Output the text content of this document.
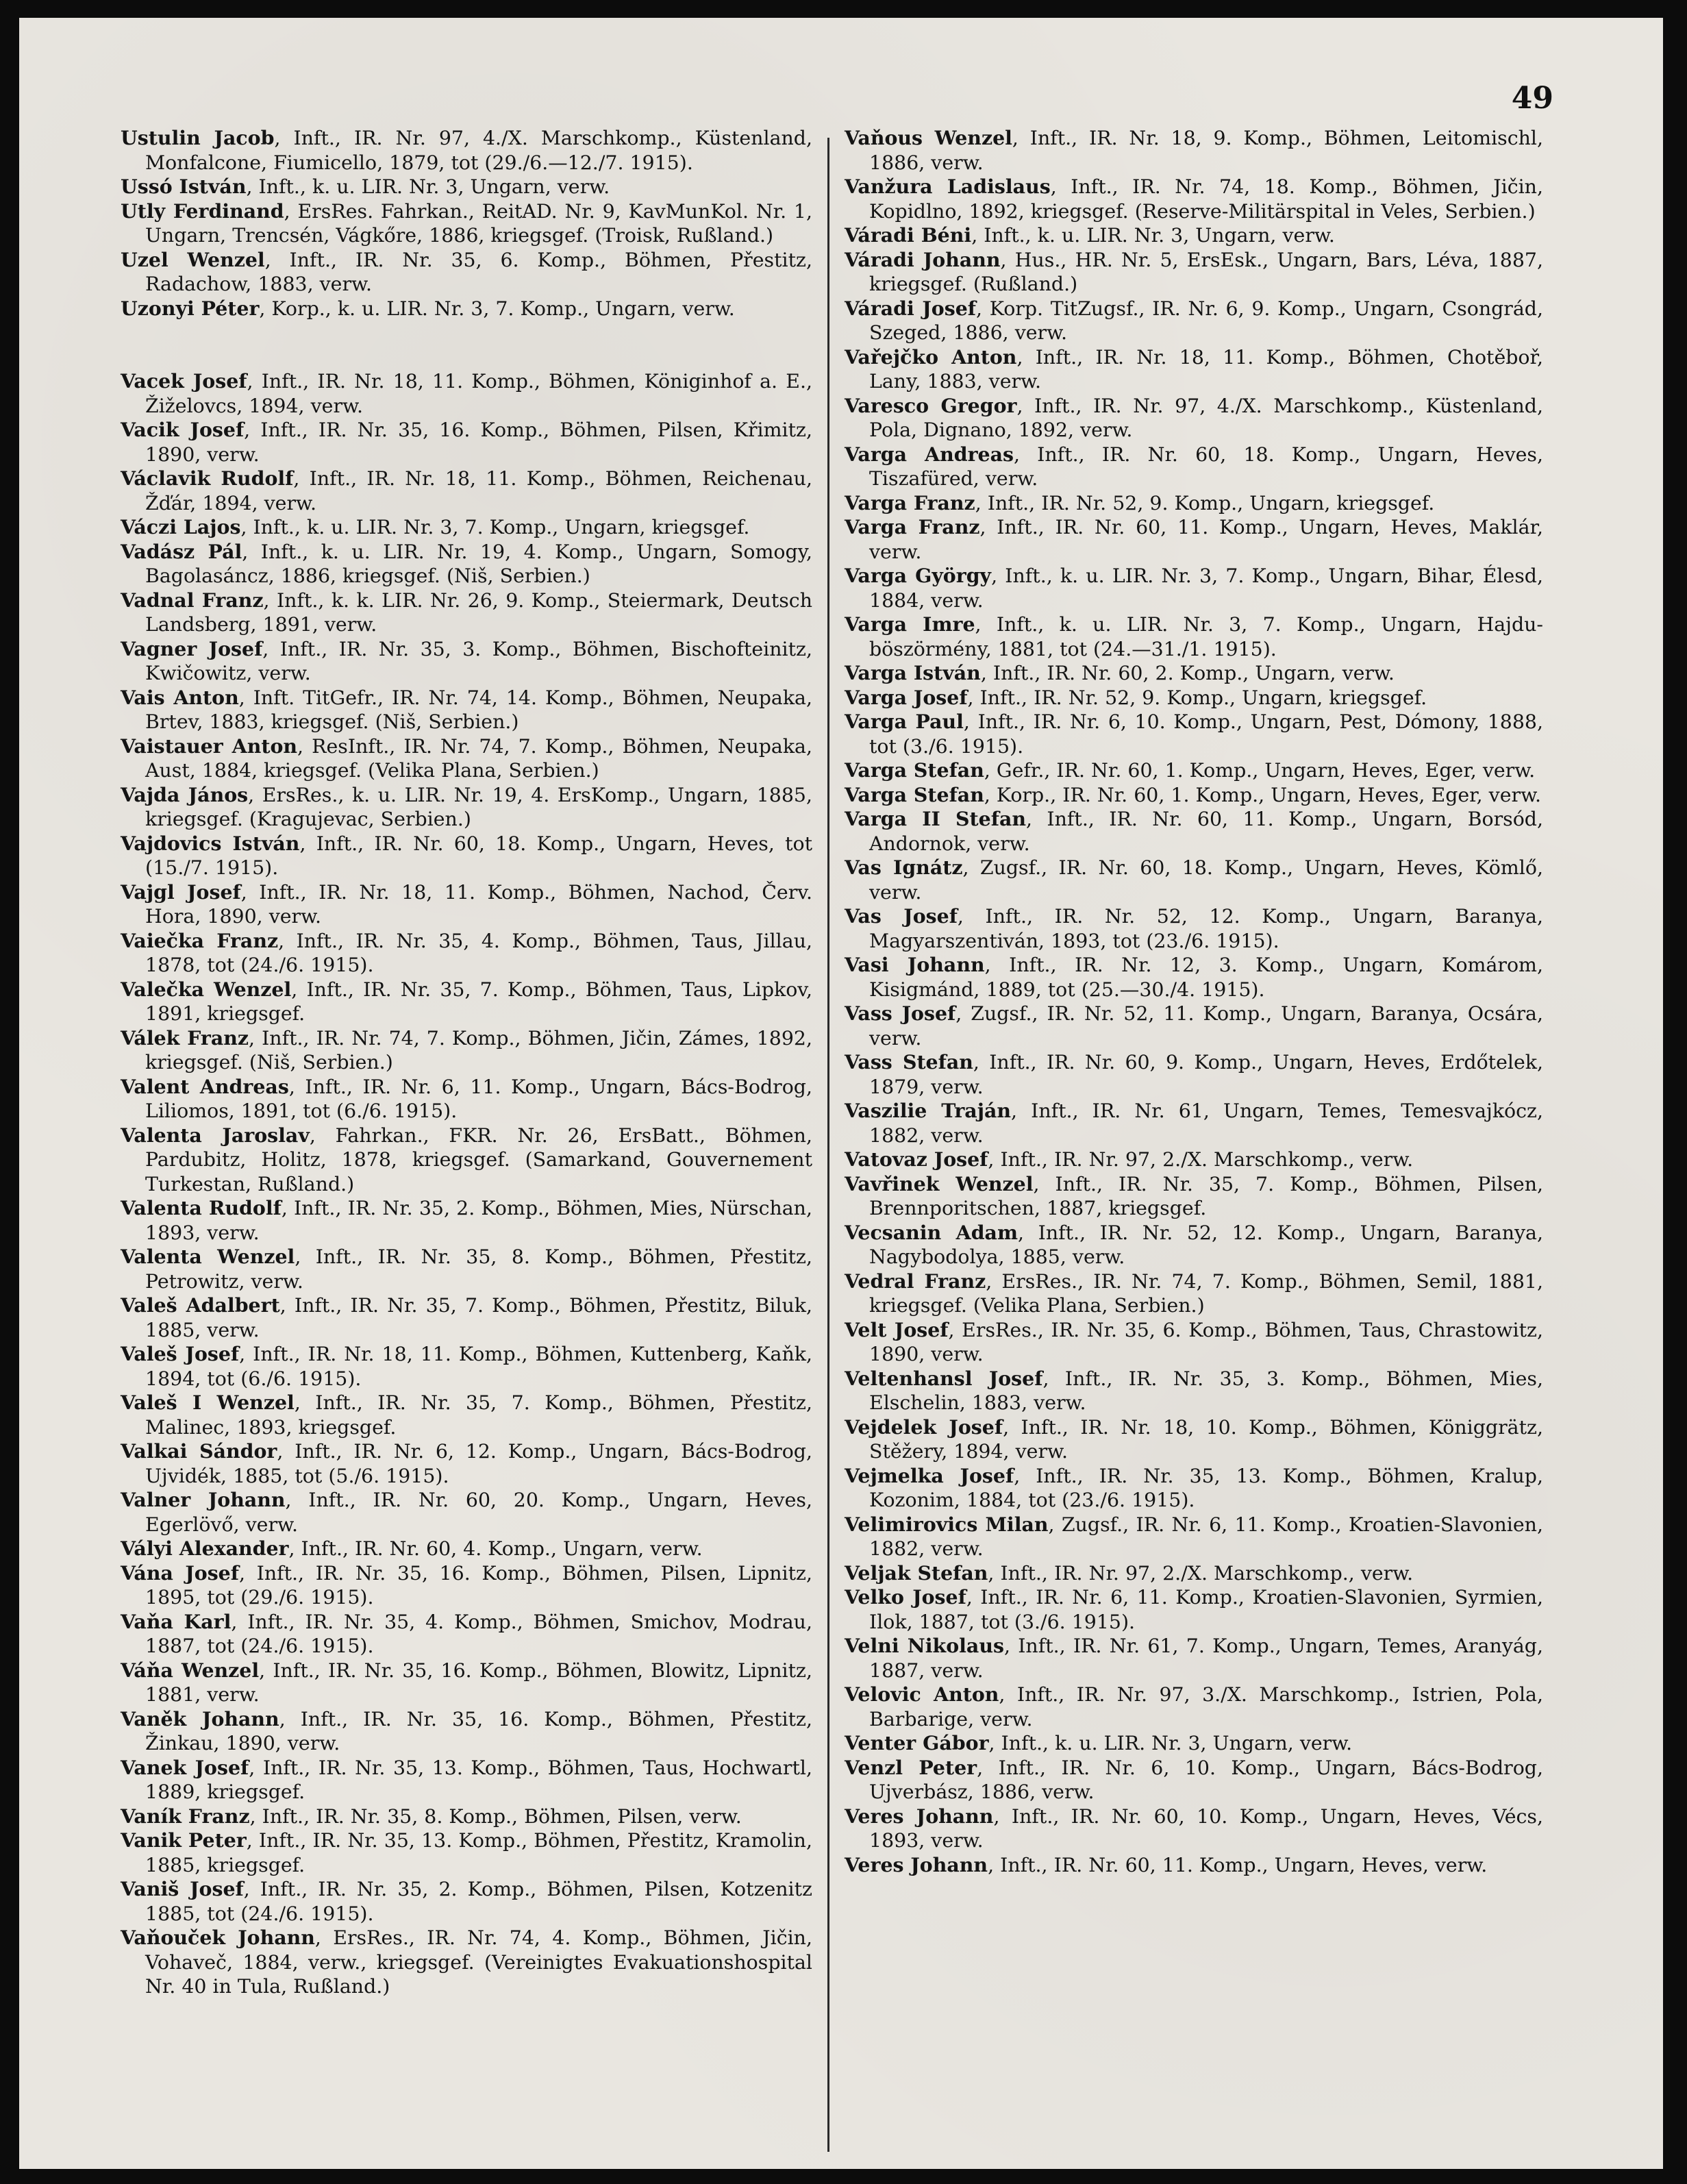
49

Ustulin Jacob, Inft., IR. Nr. 97, 4./X. Marschkomp., Küstenland, Monfalcone, Fiumicello, 1879, tot (29./6.—12./7. 1915).

Ussó István, Inft., k. u. LIR. Nr. 3, Ungarn, verw.

Utly Ferdinand, ErsRes. Fahrkan., ReitAD. Nr. 9, KavMunKol. Nr. 1, Ungarn, Trencsén, Vágkőre, 1886, kriegsgef. (Troisk, Rußland.)

Uzel Wenzel, Inft., IR. Nr. 35, 6. Komp., Böhmen, Přestitz, Radachow, 1883, verw.

Uzonyi Péter, Korp., k. u. LIR. Nr. 3, 7. Komp., Ungarn, verw.

Vacek Josef, Inft., IR. Nr. 18, 11. Komp., Böhmen, Königinhof a. E., Žiželovcs, 1894, verw.

Vacik Josef, Inft., IR. Nr. 35, 16. Komp., Böhmen, Pilsen, Křimitz, 1890, verw.

Václavik Rudolf, Inft., IR. Nr. 18, 11. Komp., Böhmen, Reichenau, Žďár, 1894, verw.

Váczi Lajos, Inft., k. u. LIR. Nr. 3, 7. Komp., Ungarn, kriegsgef.

Vadász Pál, Inft., k. u. LIR. Nr. 19, 4. Komp., Ungarn, Somogy, Bagolasáncz, 1886, kriegsgef. (Niš, Serbien.)

Vadnal Franz, Inft., k. k. LIR. Nr. 26, 9. Komp., Steiermark, Deutsch Landsberg, 1891, verw.

Vagner Josef, Inft., IR. Nr. 35, 3. Komp., Böhmen, Bischofteinitz, Kwičowitz, verw.

Vais Anton, Inft. TitGefr., IR. Nr. 74, 14. Komp., Böhmen, Neupaka, Brtev, 1883, kriegsgef. (Niš, Serbien.)

Vaistauer Anton, ResInft., IR. Nr. 74, 7. Komp., Böhmen, Neupaka, Aust, 1884, kriegsgef. (Velika Plana, Serbien.)

Vajda János, ErsRes., k. u. LIR. Nr. 19, 4. ErsKomp., Ungarn, 1885, kriegsgef. (Kragujevac, Serbien.)

Vajdovics István, Inft., IR. Nr. 60, 18. Komp., Ungarn, Heves, tot (15./7. 1915).

Vajgl Josef, Inft., IR. Nr. 18, 11. Komp., Böhmen, Nachod, Červ. Hora, 1890, verw.

Vaiečka Franz, Inft., IR. Nr. 35, 4. Komp., Böhmen, Taus, Jillau, 1878, tot (24./6. 1915).

Valečka Wenzel, Inft., IR. Nr. 35, 7. Komp., Böhmen, Taus, Lipkov, 1891, kriegsgef.

Válek Franz, Inft., IR. Nr. 74, 7. Komp., Böhmen, Jičin, Zámes, 1892, kriegsgef. (Niš, Serbien.)

Valent Andreas, Inft., IR. Nr. 6, 11. Komp., Ungarn, Bács-Bodrog, Liliomos, 1891, tot (6./6. 1915).

Valenta Jaroslav, Fahrkan., FKR. Nr. 26, ErsBatt., Böhmen, Pardubitz, Holitz, 1878, kriegsgef. (Samarkand, Gouvernement Turkestan, Rußland.)

Valenta Rudolf, Inft., IR. Nr. 35, 2. Komp., Böhmen, Mies, Nürschan, 1893, verw.

Valenta Wenzel, Inft., IR. Nr. 35, 8. Komp., Böhmen, Přestitz, Petrowitz, verw.

Valeš Adalbert, Inft., IR. Nr. 35, 7. Komp., Böhmen, Přestitz, Biluk, 1885, verw.

Valeš Josef, Inft., IR. Nr. 18, 11. Komp., Böhmen, Kuttenberg, Kaňk, 1894, tot (6./6. 1915).

Valeš I Wenzel, Inft., IR. Nr. 35, 7. Komp., Böhmen, Přestitz, Malinec, 1893, kriegsgef.

Valkai Sándor, Inft., IR. Nr. 6, 12. Komp., Ungarn, Bács-Bodrog, Ujvidék, 1885, tot (5./6. 1915).

Valner Johann, Inft., IR. Nr. 60, 20. Komp., Ungarn, Heves, Egerlövő, verw.

Vályi Alexander, Inft., IR. Nr. 60, 4. Komp., Ungarn, verw.

Vána Josef, Inft., IR. Nr. 35, 16. Komp., Böhmen, Pilsen, Lipnitz, 1895, tot (29./6. 1915).

Vaňa Karl, Inft., IR. Nr. 35, 4. Komp., Böhmen, Smichov, Modrau, 1887, tot (24./6. 1915).

Váňa Wenzel, Inft., IR. Nr. 35, 16. Komp., Böhmen, Blowitz, Lipnitz, 1881, verw.

Vaněk Johann, Inft., IR. Nr. 35, 16. Komp., Böhmen, Přestitz, Žinkau, 1890, verw.

Vanek Josef, Inft., IR. Nr. 35, 13. Komp., Böhmen, Taus, Hochwartl, 1889, kriegsgef.

Vaník Franz, Inft., IR. Nr. 35, 8. Komp., Böhmen, Pilsen, verw.

Vanik Peter, Inft., IR. Nr. 35, 13. Komp., Böhmen, Přestitz, Kramolin, 1885, kriegsgef.

Vaniš Josef, Inft., IR. Nr. 35, 2. Komp., Böhmen, Pilsen, Kotzenitz 1885, tot (24./6. 1915).

Vaňouček Johann, ErsRes., IR. Nr. 74, 4. Komp., Böhmen, Jičin, Vohaveč, 1884, verw., kriegsgef. (Vereinigtes Evakuationshospital Nr. 40 in Tula, Rußland.)

Vaňous Wenzel, Inft., IR. Nr. 18, 9. Komp., Böhmen, Leitomischl, 1886, verw.

Vanžura Ladislaus, Inft., IR. Nr. 74, 18. Komp., Böhmen, Jičin, Kopidlno, 1892, kriegsgef. (Reserve-Militärspital in Veles, Serbien.)

Váradi Béni, Inft., k. u. LIR. Nr. 3, Ungarn, verw.

Váradi Johann, Hus., HR. Nr. 5, ErsEsk., Ungarn, Bars, Léva, 1887, kriegsgef. (Rußland.)

Váradi Josef, Korp. TitZugsf., IR. Nr. 6, 9. Komp., Ungarn, Csongrád, Szeged, 1886, verw.

Vařejčko Anton, Inft., IR. Nr. 18, 11. Komp., Böhmen, Chotěboř, Lany, 1883, verw.

Varesco Gregor, Inft., IR. Nr. 97, 4./X. Marschkomp., Küstenland, Pola, Dignano, 1892, verw.

Varga Andreas, Inft., IR. Nr. 60, 18. Komp., Ungarn, Heves, Tiszafüred, verw.

Varga Franz, Inft., IR. Nr. 52, 9. Komp., Ungarn, kriegsgef.

Varga Franz, Inft., IR. Nr. 60, 11. Komp., Ungarn, Heves, Maklár, verw.

Varga György, Inft., k. u. LIR. Nr. 3, 7. Komp., Ungarn, Bihar, Élesd, 1884, verw.

Varga Imre, Inft., k. u. LIR. Nr. 3, 7. Komp., Ungarn, Hajdu-böszörmény, 1881, tot (24.—31./1. 1915).

Varga István, Inft., IR. Nr. 60, 2. Komp., Ungarn, verw.

Varga Josef, Inft., IR. Nr. 52, 9. Komp., Ungarn, kriegsgef.

Varga Paul, Inft., IR. Nr. 6, 10. Komp., Ungarn, Pest, Dómony, 1888, tot (3./6. 1915).

Varga Stefan, Gefr., IR. Nr. 60, 1. Komp., Ungarn, Heves, Eger, verw.

Varga Stefan, Korp., IR. Nr. 60, 1. Komp., Ungarn, Heves, Eger, verw.

Varga II Stefan, Inft., IR. Nr. 60, 11. Komp., Ungarn, Borsód, Andornok, verw.

Vas Ignátz, Zugsf., IR. Nr. 60, 18. Komp., Ungarn, Heves, Kömlő, verw.

Vas Josef, Inft., IR. Nr. 52, 12. Komp., Ungarn, Baranya, Magyarszentiván, 1893, tot (23./6. 1915).

Vasi Johann, Inft., IR. Nr. 12, 3. Komp., Ungarn, Komárom, Kisigmánd, 1889, tot (25.—30./4. 1915).

Vass Josef, Zugsf., IR. Nr. 52, 11. Komp., Ungarn, Baranya, Ocsára, verw.

Vass Stefan, Inft., IR. Nr. 60, 9. Komp., Ungarn, Heves, Erdőtelek, 1879, verw.

Vaszilie Traján, Inft., IR. Nr. 61, Ungarn, Temes, Temesvajkócz, 1882, verw.

Vatovaz Josef, Inft., IR. Nr. 97, 2./X. Marschkomp., verw.

Vavřinek Wenzel, Inft., IR. Nr. 35, 7. Komp., Böhmen, Pilsen, Brennporitschen, 1887, kriegsgef.

Vecsanin Adam, Inft., IR. Nr. 52, 12. Komp., Ungarn, Baranya, Nagybodolya, 1885, verw.

Vedral Franz, ErsRes., IR. Nr. 74, 7. Komp., Böhmen, Semil, 1881, kriegsgef. (Velika Plana, Serbien.)

Velt Josef, ErsRes., IR. Nr. 35, 6. Komp., Böhmen, Taus, Chrastowitz, 1890, verw.

Veltenhansl Josef, Inft., IR. Nr. 35, 3. Komp., Böhmen, Mies, Elschelin, 1883, verw.

Vejdelek Josef, Inft., IR. Nr. 18, 10. Komp., Böhmen, Königgrätz, Stěžery, 1894, verw.

Vejmelka Josef, Inft., IR. Nr. 35, 13. Komp., Böhmen, Kralup, Kozonim, 1884, tot (23./6. 1915).

Velimirovics Milan, Zugsf., IR. Nr. 6, 11. Komp., Kroatien-Slavonien, 1882, verw.

Veljak Stefan, Inft., IR. Nr. 97, 2./X. Marschkomp., verw.

Velko Josef, Inft., IR. Nr. 6, 11. Komp., Kroatien-Slavonien, Syrmien, Ilok, 1887, tot (3./6. 1915).

Velni Nikolaus, Inft., IR. Nr. 61, 7. Komp., Ungarn, Temes, Aranyág, 1887, verw.

Velovic Anton, Inft., IR. Nr. 97, 3./X. Marschkomp., Istrien, Pola, Barbarige, verw.

Venter Gábor, Inft., k. u. LIR. Nr. 3, Ungarn, verw.

Venzl Peter, Inft., IR. Nr. 6, 10. Komp., Ungarn, Bács-Bodrog, Ujverbász, 1886, verw.

Veres Johann, Inft., IR. Nr. 60, 10. Komp., Ungarn, Heves, Vécs, 1893, verw.

Veres Johann, Inft., IR. Nr. 60, 11. Komp., Ungarn, Heves, verw.
